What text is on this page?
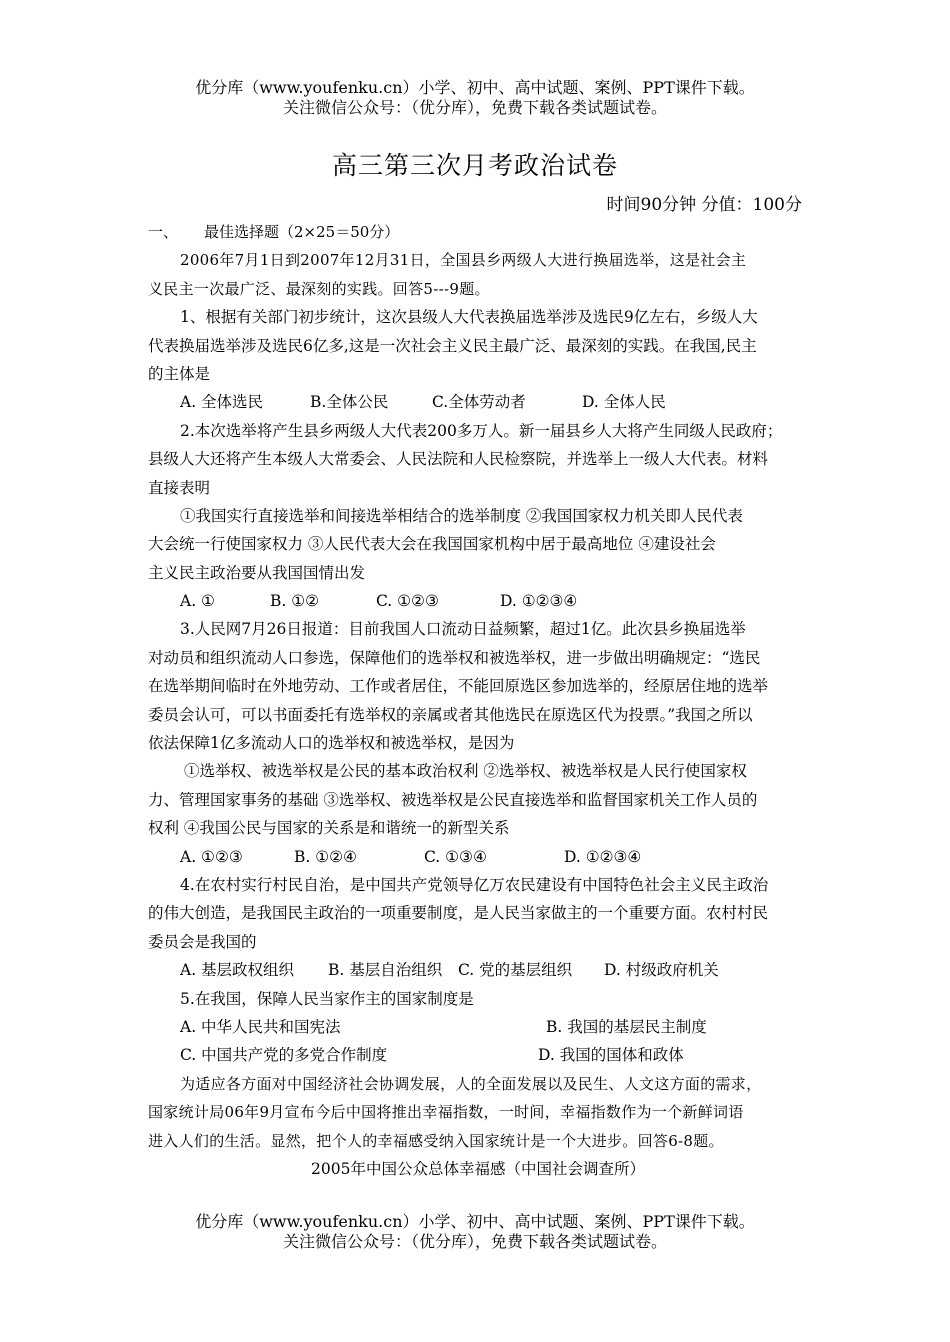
优分库（www.youfenku.cn）小学、初中、高中试题、案例、PPT课件下载。
关注微信公众号：（优分库），免费下载各类试题试卷。
高三第三次月考政治试卷
时间90分钟 分值：100分
一、 最佳选择题（2×25＝50分）
2006年7月1日到2007年12月31日，全国县乡两级人大进行换届选举，这是社会主
义民主一次最广泛、最深刻的实践。回答5---9题。
1、根据有关部门初步统计，这次县级人大代表换届选举涉及选民9亿左右，乡级人大
代表换届选举涉及选民6亿多,这是一次社会主义民主最广泛、最深刻的实践。在我国,民主
的主体是
A. 全体选民	B.全体公民	C.全体劳动者	D. 全体人民
2.本次选举将产生县乡两级人大代表200多万人。新一届县乡人大将产生同级人民政府；
县级人大还将产生本级人大常委会、人民法院和人民检察院，并选举上一级人大代表。材料
直接表明
①我国实行直接选举和间接选举相结合的选举制度 ②我国国家权力机关即人民代表
大会统一行使国家权力 ③人民代表大会在我国国家机构中居于最高地位 ④建设社会
主义民主政治要从我国国情出发
A. ①	B. ①②	C. ①②③	D. ①②③④
3.人民网7月26日报道：目前我国人口流动日益频繁，超过1亿。此次县乡换届选举
对动员和组织流动人口参选，保障他们的选举权和被选举权，进一步做出明确规定：“选民
在选举期间临时在外地劳动、工作或者居住，不能回原选区参加选举的，经原居住地的选举
委员会认可，可以书面委托有选举权的亲属或者其他选民在原选区代为投票。”我国之所以
依法保障1亿多流动人口的选举权和被选举权，是因为
①选举权、被选举权是公民的基本政治权利 ②选举权、被选举权是人民行使国家权
力、管理国家事务的基础 ③选举权、被选举权是公民直接选举和监督国家机关工作人员的
权利 ④我国公民与国家的关系是和谐统一的新型关系
A. ①②③	B. ①②④	C. ①③④	D. ①②③④
4.在农村实行村民自治，是中国共产党领导亿万农民建设有中国特色社会主义民主政治
的伟大创造，是我国民主政治的一项重要制度，是人民当家做主的一个重要方面。农村村民
委员会是我国的
A. 基层政权组织	B. 基层自治组织	C. 党的基层组织	D. 村级政府机关
5.在我国，保障人民当家作主的国家制度是
A. 中华人民共和国宪法	B. 我国的基层民主制度
C. 中国共产党的多党合作制度	D. 我国的国体和政体
为适应各方面对中国经济社会协调发展，人的全面发展以及民生、人文这方面的需求，
国家统计局06年9月宣布今后中国将推出幸福指数，一时间，幸福指数作为一个新鲜词语
进入人们的生活。显然，把个人的幸福感受纳入国家统计是一个大进步。回答6-8题。
2005年中国公众总体幸福感（中国社会调查所）
优分库（www.youfenku.cn）小学、初中、高中试题、案例、PPT课件下载。
关注微信公众号：（优分库），免费下载各类试题试卷。
